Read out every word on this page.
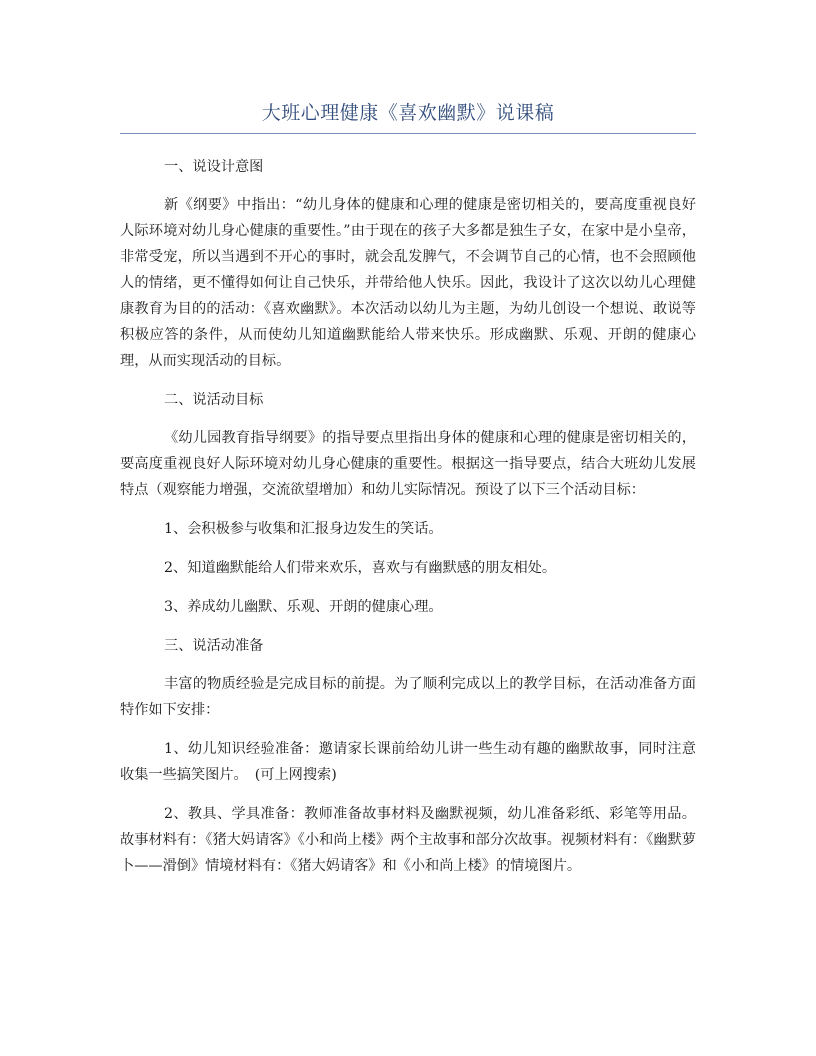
大班心理健康《喜欢幽默》说课稿
一、说设计意图
新《纲要》中指出：“幼儿身体的健康和心理的健康是密切相关的，要高度重视良好人际环境对幼儿身心健康的重要性。”由于现在的孩子大多都是独生子女，在家中是小皇帝，非常受宠，所以当遇到不开心的事时，就会乱发脾气，不会调节自己的心情，也不会照顾他人的情绪，更不懂得如何让自己快乐，并带给他人快乐。因此，我设计了这次以幼儿心理健康教育为目的的活动：《喜欢幽默》。本次活动以幼儿为主题，为幼儿创设一个想说、敢说等积极应答的条件，从而使幼儿知道幽默能给人带来快乐。形成幽默、乐观、开朗的健康心理，从而实现活动的目标。
二、说活动目标
《幼儿园教育指导纲要》的指导要点里指出身体的健康和心理的健康是密切相关的，要高度重视良好人际环境对幼儿身心健康的重要性。根据这一指导要点，结合大班幼儿发展特点（观察能力增强，交流欲望增加）和幼儿实际情况。预设了以下三个活动目标：
1、会积极参与收集和汇报身边发生的笑话。
2、知道幽默能给人们带来欢乐，喜欢与有幽默感的朋友相处。
3、养成幼儿幽默、乐观、开朗的健康心理。
三、说活动准备
丰富的物质经验是完成目标的前提。为了顺利完成以上的教学目标，在活动准备方面特作如下安排：
1、幼儿知识经验准备：邀请家长课前给幼儿讲一些生动有趣的幽默故事，同时注意收集一些搞笑图片。　(可上网搜索)
2、教具、学具准备：教师准备故事材料及幽默视频，幼儿准备彩纸、彩笔等用品。故事材料有：《猪大妈请客》《小和尚上楼》两个主故事和部分次故事。视频材料有：《幽默萝卜——滑倒》情境材料有：《猪大妈请客》和《小和尚上楼》的情境图片。
